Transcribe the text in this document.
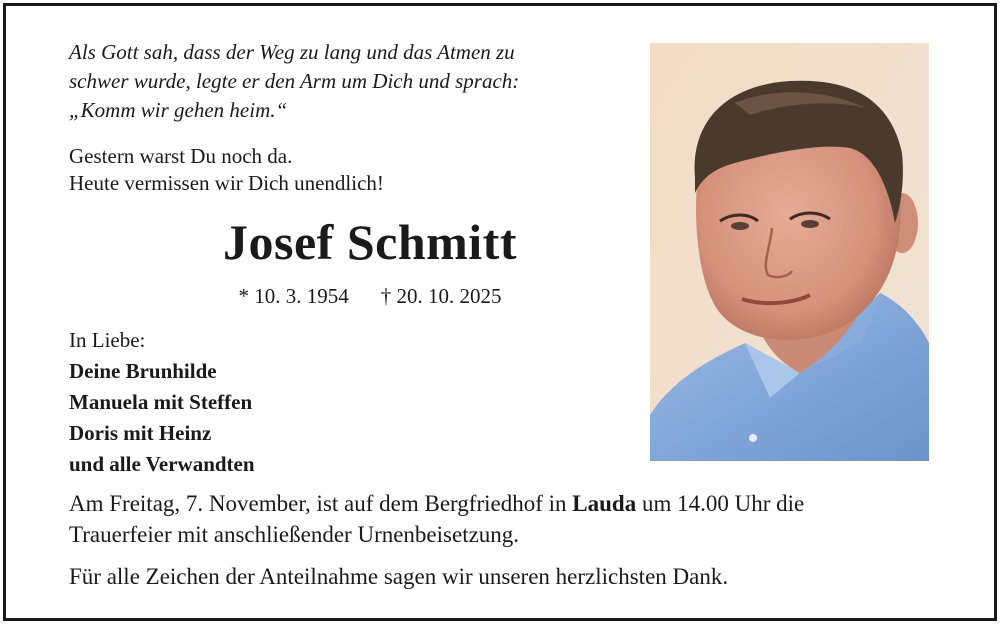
Als Gott sah, dass der Weg zu lang und das Atmen zu
schwer wurde, legte er den Arm um Dich und sprach:
„Komm wir gehen heim.“
Gestern warst Du noch da.
Heute vermissen wir Dich unendlich!
Josef Schmitt
* 10. 3. 1954 † 20. 10. 2025
In Liebe:
Deine Brunhilde
Manuela mit Steffen
Doris mit Heinz
und alle Verwandten
Am Freitag, 7. November, ist auf dem Bergfriedhof in Lauda um 14.00 Uhr die
Trauerfeier mit anschließender Urnenbeisetzung.
Für alle Zeichen der Anteilnahme sagen wir unseren herzlichsten Dank.
